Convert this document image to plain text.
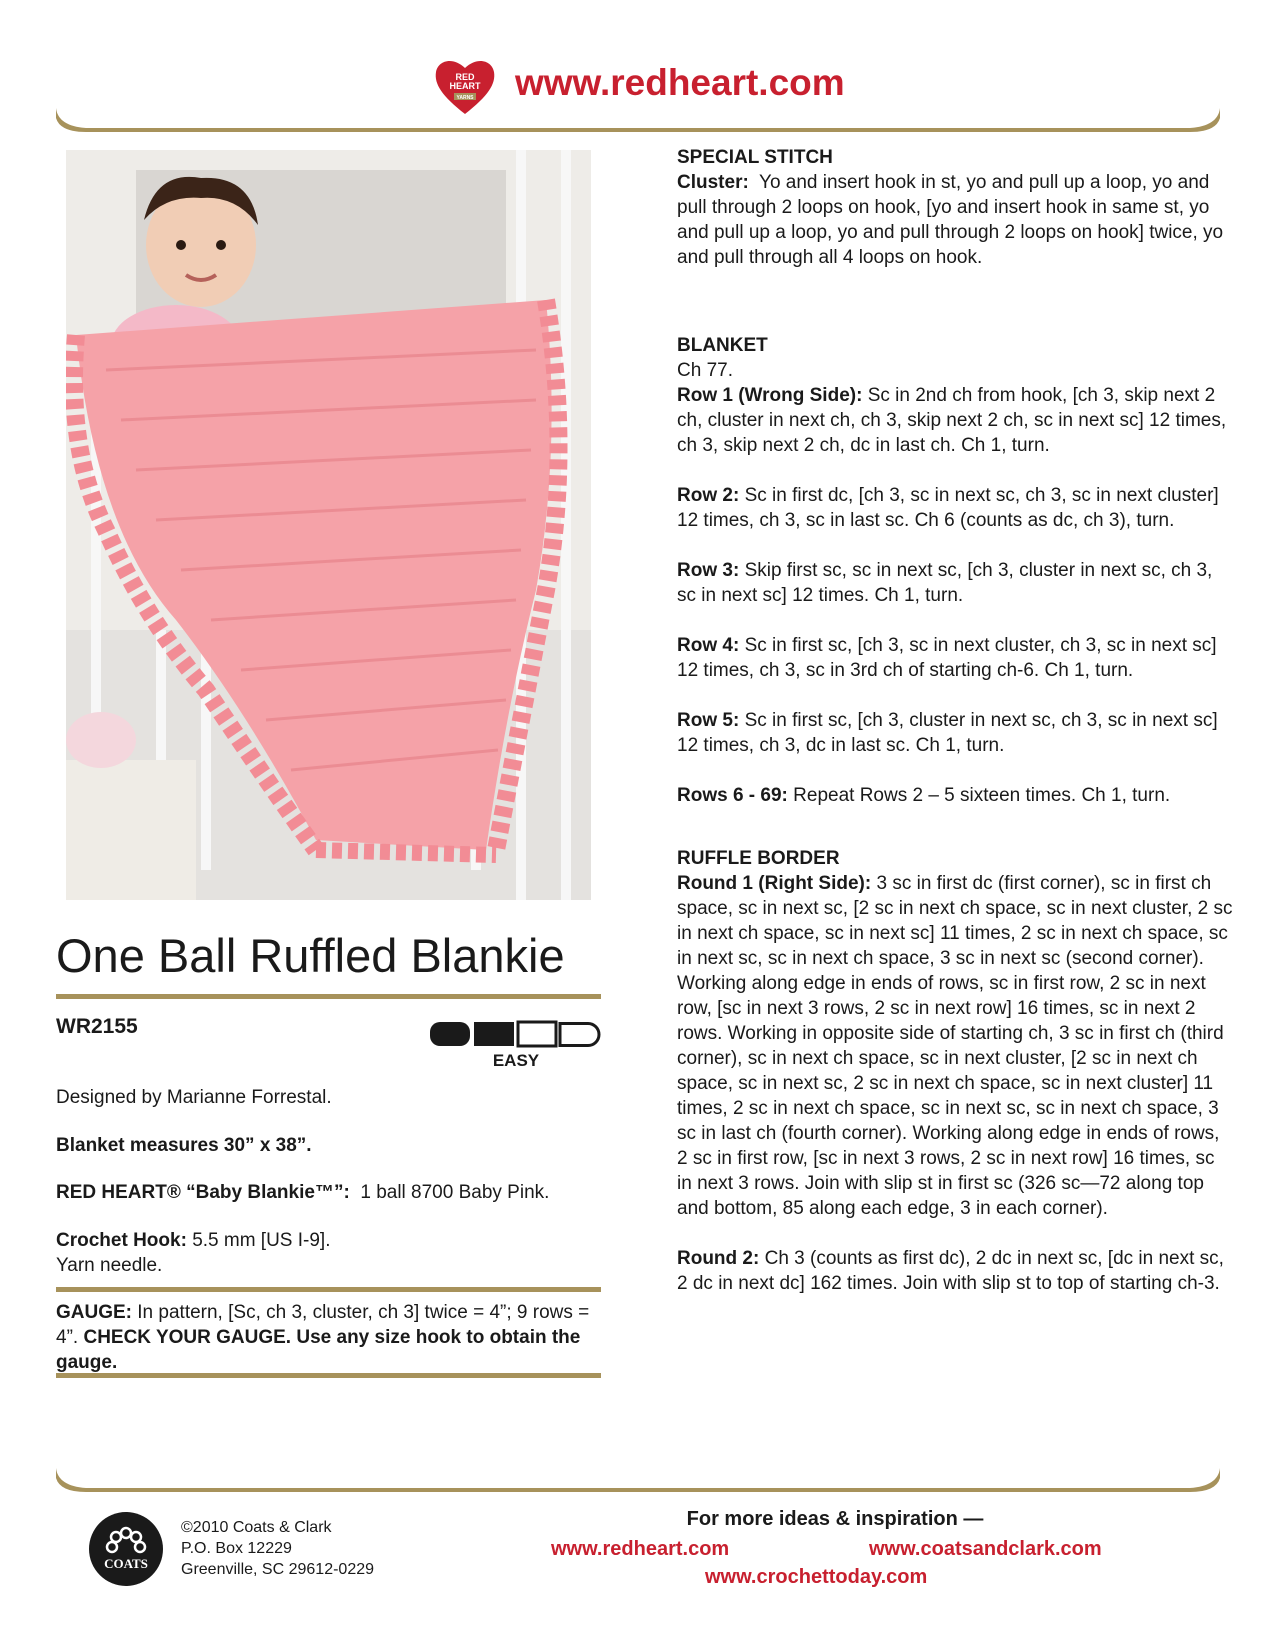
RED
HEART
YARNS www.redheart.com
One Ball Ruffled Blankie
WR2155
EASY

Designed by Marianne Forrestal.

Blanket measures 30” x 38”.

RED HEART® “Baby Blankie™”: 1 ball 8700 Baby Pink.

Crochet Hook: 5.5 mm [US I-9].
Yarn needle.

GAUGE: In pattern, [Sc, ch 3, cluster, ch 3] twice = 4”; 9 rows = 4”. CHECK YOUR GAUGE. Use any size hook to obtain the gauge.

SPECIAL STITCH

Cluster: Yo and insert hook in st, yo and pull up a loop, yo and pull through 2 loops on hook, [yo and insert hook in same st, yo and pull up a loop, yo and pull through 2 loops on hook] twice, yo and pull through all 4 loops on hook.

BLANKET

Ch 77.

Row 1 (Wrong Side): Sc in 2nd ch from hook, [ch 3, skip next 2 ch, cluster in next ch, ch 3, skip next 2 ch, sc in next sc] 12 times, ch 3, skip next 2 ch, dc in last ch. Ch 1, turn.

Row 2: Sc in first dc, [ch 3, sc in next sc, ch 3, sc in next cluster] 12 times, ch 3, sc in last sc. Ch 6 (counts as dc, ch 3), turn.

Row 3: Skip first sc, sc in next sc, [ch 3, cluster in next sc, ch 3, sc in next sc] 12 times. Ch 1, turn.

Row 4: Sc in first sc, [ch 3, sc in next cluster, ch 3, sc in next sc] 12 times, ch 3, sc in 3rd ch of starting ch-6. Ch 1, turn.

Row 5: Sc in first sc, [ch 3, cluster in next sc, ch 3, sc in next sc] 12 times, ch 3, dc in last sc. Ch 1, turn.

Rows 6 - 69: Repeat Rows 2 – 5 sixteen times. Ch 1, turn.

RUFFLE BORDER

Round 1 (Right Side): 3 sc in first dc (first corner), sc in first ch space, sc in next sc, [2 sc in next ch space, sc in next cluster, 2 sc in next ch space, sc in next sc] 11 times, 2 sc in next ch space, sc in next sc, sc in next ch space, 3 sc in next sc (second corner). Working along edge in ends of rows, sc in first row, 2 sc in next row, [sc in next 3 rows, 2 sc in next row] 16 times, sc in next 2 rows. Working in opposite side of starting ch, 3 sc in first ch (third corner), sc in next ch space, sc in next cluster, [2 sc in next ch space, sc in next sc, 2 sc in next ch space, sc in next cluster] 11 times, 2 sc in next ch space, sc in next sc, sc in next ch space, 3 sc in last ch (fourth corner). Working along edge in ends of rows, 2 sc in first row, [sc in next 3 rows, 2 sc in next row] 16 times, sc in next 3 rows. Join with slip st in first sc (326 sc—72 along top and bottom, 85 along each edge, 3 in each corner).

Round 2: Ch 3 (counts as first dc), 2 dc in next sc, [dc in next sc, 2 dc in next dc] 162 times. Join with slip st to top of starting ch-3.

COATS
©2010 Coats & Clark
P.O. Box 12229
Greenville, SC 29612-0229
For more ideas & inspiration —
www.redheart.com	www.coatsandclark.com
www.crochettoday.com
